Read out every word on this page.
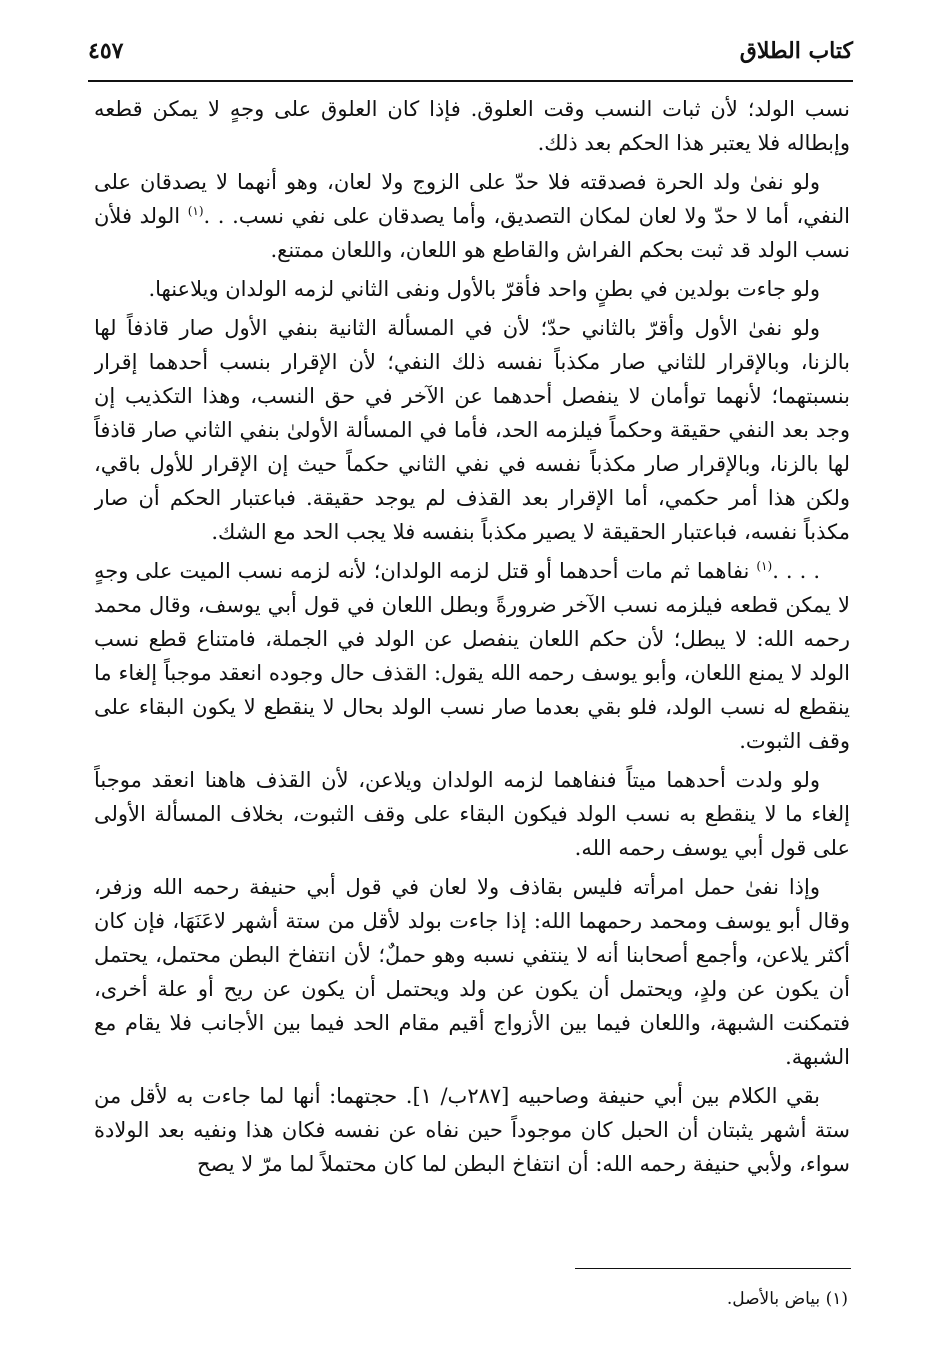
كتاب الطلاق
٤٥٧

نسب الولد؛ لأن ثبات النسب وقت العلوق. فإذا كان العلوق على وجهٍ لا يمكن قطعه وإبطاله فلا يعتبر هذا الحكم بعد ذلك.

ولو نفىٰ ولد الحرة فصدقته فلا حدّ على الزوج ولا لعان، وهو أنهما لا يصدقان على النفي، أما لا حدّ ولا لعان لمكان التصديق، وأما يصدقان على نفي نسب. . .$^{(١)}$ الولد فلأن نسب الولد قد ثبت بحكم الفراش والقاطع هو اللعان، واللعان ممتنع.

ولو جاءت بولدين في بطنٍ واحد فأقرّ بالأول ونفى الثاني لزمه الولدان ويلاعنها.

ولو نفىٰ الأول وأقرّ بالثاني حدّ؛ لأن في المسألة الثانية بنفي الأول صار قاذفاً لها بالزنا، وبالإقرار للثاني صار مكذباً نفسه ذلك النفي؛ لأن الإقرار بنسب أحدهما إقرار بنسبتهما؛ لأنهما توأمان لا ينفصل أحدهما عن الآخر في حق النسب، وهذا التكذيب إن وجد بعد النفي حقيقة وحكماً فيلزمه الحد، فأما في المسألة الأولىٰ بنفي الثاني صار قاذفاً لها بالزنا، وبالإقرار صار مكذباً نفسه في نفي الثاني حكماً حيث إن الإقرار للأول باقي، ولكن هذا أمر حكمي، أما الإقرار بعد القذف لم يوجد حقيقة. فباعتبار الحكم أن صار مكذباً نفسه، فباعتبار الحقيقة لا يصير مكذباً بنفسه فلا يجب الحد مع الشك.

. . . .$^{(١)}$ نفاهما ثم مات أحدهما أو قتل لزمه الولدان؛ لأنه لزمه نسب الميت على وجهٍ لا يمكن قطعه فيلزمه نسب الآخر ضرورةً وبطل اللعان في قول أبي يوسف، وقال محمد رحمه الله: لا يبطل؛ لأن حكم اللعان ينفصل عن الولد في الجملة، فامتناع قطع نسب الولد لا يمنع اللعان، وأبو يوسف رحمه الله يقول: القذف حال وجوده انعقد موجباً إلغاء ما ينقطع له نسب الولد، فلو بقي بعدما صار نسب الولد بحال لا ينقطع لا يكون البقاء على وقف الثبوت.

ولو ولدت أحدهما ميتاً فنفاهما لزمه الولدان ويلاعن، لأن القذف هاهنا انعقد موجباً إلغاء ما لا ينقطع به نسب الولد فيكون البقاء على وقف الثبوت، بخلاف المسألة الأولى على قول أبي يوسف رحمه الله.

وإذا نفىٰ حمل امرأته فليس بقاذف ولا لعان في قول أبي حنيفة رحمه الله وزفر، وقال أبو يوسف ومحمد رحمهما الله: إذا جاءت بولد لأقل من ستة أشهر لاعَنَهَا، فإن كان أكثر يلاعن، وأجمع أصحابنا أنه لا ينتفي نسبه وهو حملٌ؛ لأن انتفاخ البطن محتمل، يحتمل أن يكون عن ولدٍ، ويحتمل أن يكون عن ولد ويحتمل أن يكون عن ريح أو علة أخرى، فتمكنت الشبهة، واللعان فيما بين الأزواج أقيم مقام الحد فيما بين الأجانب فلا يقام مع الشبهة.

بقي الكلام بين أبي حنيفة وصاحبيه [٢٨٧ب/ ١]. حجتهما: أنها لما جاءت به لأقل من ستة أشهر يثبتان أن الحبل كان موجوداً حين نفاه عن نفسه فكان هذا ونفيه بعد الولادة سواء، ولأبي حنيفة رحمه الله: أن انتفاخ البطن لما كان محتملاً لما مرّ لا يصح

(١) بياض بالأصل.
